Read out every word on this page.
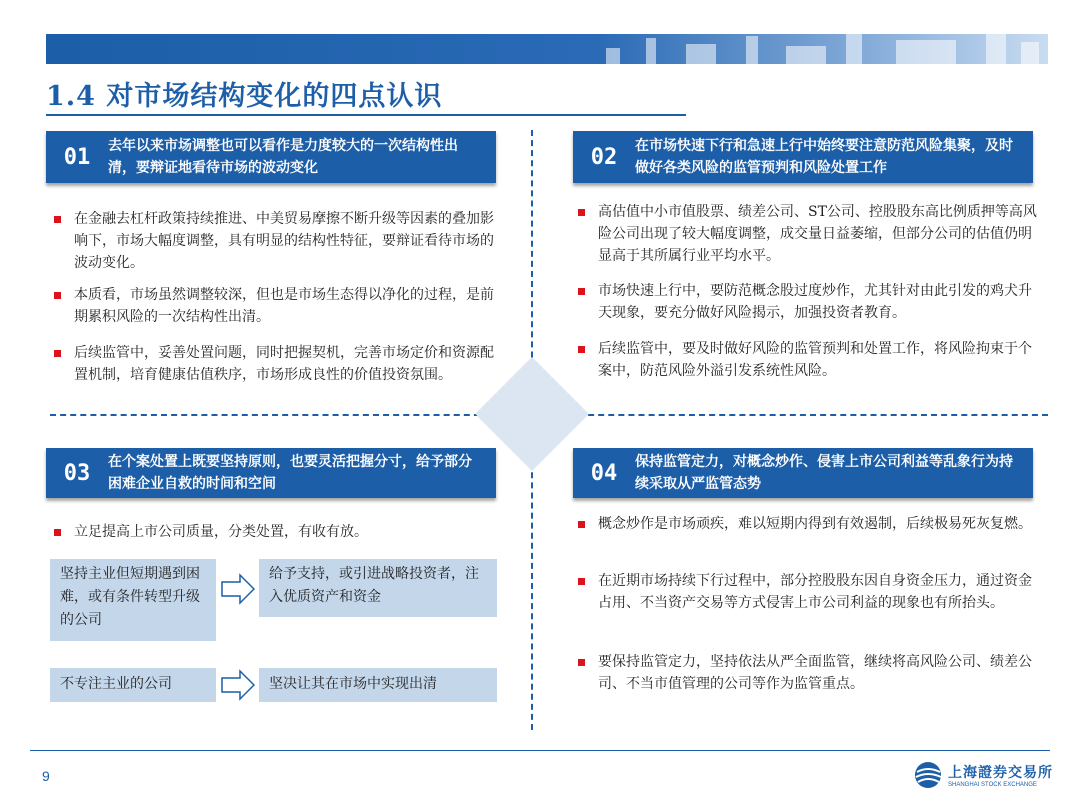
1.4 对市场结构变化的四点认识
01	去年以来市场调整也可以看作是力度较大的一次结构性出清，要辩证地看待市场的波动变化
在金融去杠杆政策持续推进、中美贸易摩擦不断升级等因素的叠加影响下，市场大幅度调整，具有明显的结构性特征，要辩证看待市场的波动变化。
本质看，市场虽然调整较深，但也是市场生态得以净化的过程，是前期累积风险的一次结构性出清。
后续监管中，妥善处置问题，同时把握契机，完善市场定价和资源配置机制，培育健康估值秩序，市场形成良性的价值投资氛围。
02	在市场快速下行和急速上行中始终要注意防范风险集聚，及时做好各类风险的监管预判和风险处置工作
高估值中小市值股票、绩差公司、ST公司、控股股东高比例质押等高风险公司出现了较大幅度调整，成交量日益萎缩，但部分公司的估值仍明显高于其所属行业平均水平。
市场快速上行中，要防范概念股过度炒作，尤其针对由此引发的鸡犬升天现象，要充分做好风险揭示，加强投资者教育。
后续监管中，要及时做好风险的监管预判和处置工作，将风险拘束于个案中，防范风险外溢引发系统性风险。
03	在个案处置上既要坚持原则，也要灵活把握分寸，给予部分困难企业自救的时间和空间
立足提高上市公司质量，分类处置，有收有放。
坚持主业但短期遇到困难，或有条件转型升级的公司
给予支持，或引进战略投资者，注入优质资产和资金
不专注主业的公司	坚决让其在市场中实现出清
04	保持监管定力，对概念炒作、侵害上市公司利益等乱象行为持续采取从严监管态势
概念炒作是市场顽疾，难以短期内得到有效遏制，后续极易死灰复燃。
在近期市场持续下行过程中，部分控股股东因自身资金压力，通过资金占用、不当资产交易等方式侵害上市公司利益的现象也有所抬头。
要保持监管定力，坚持依法从严全面监管，继续将高风险公司、绩差公司、不当市值管理的公司等作为监管重点。
9	上海證券交易所
SHANGHAI STOCK EXCHANGE
